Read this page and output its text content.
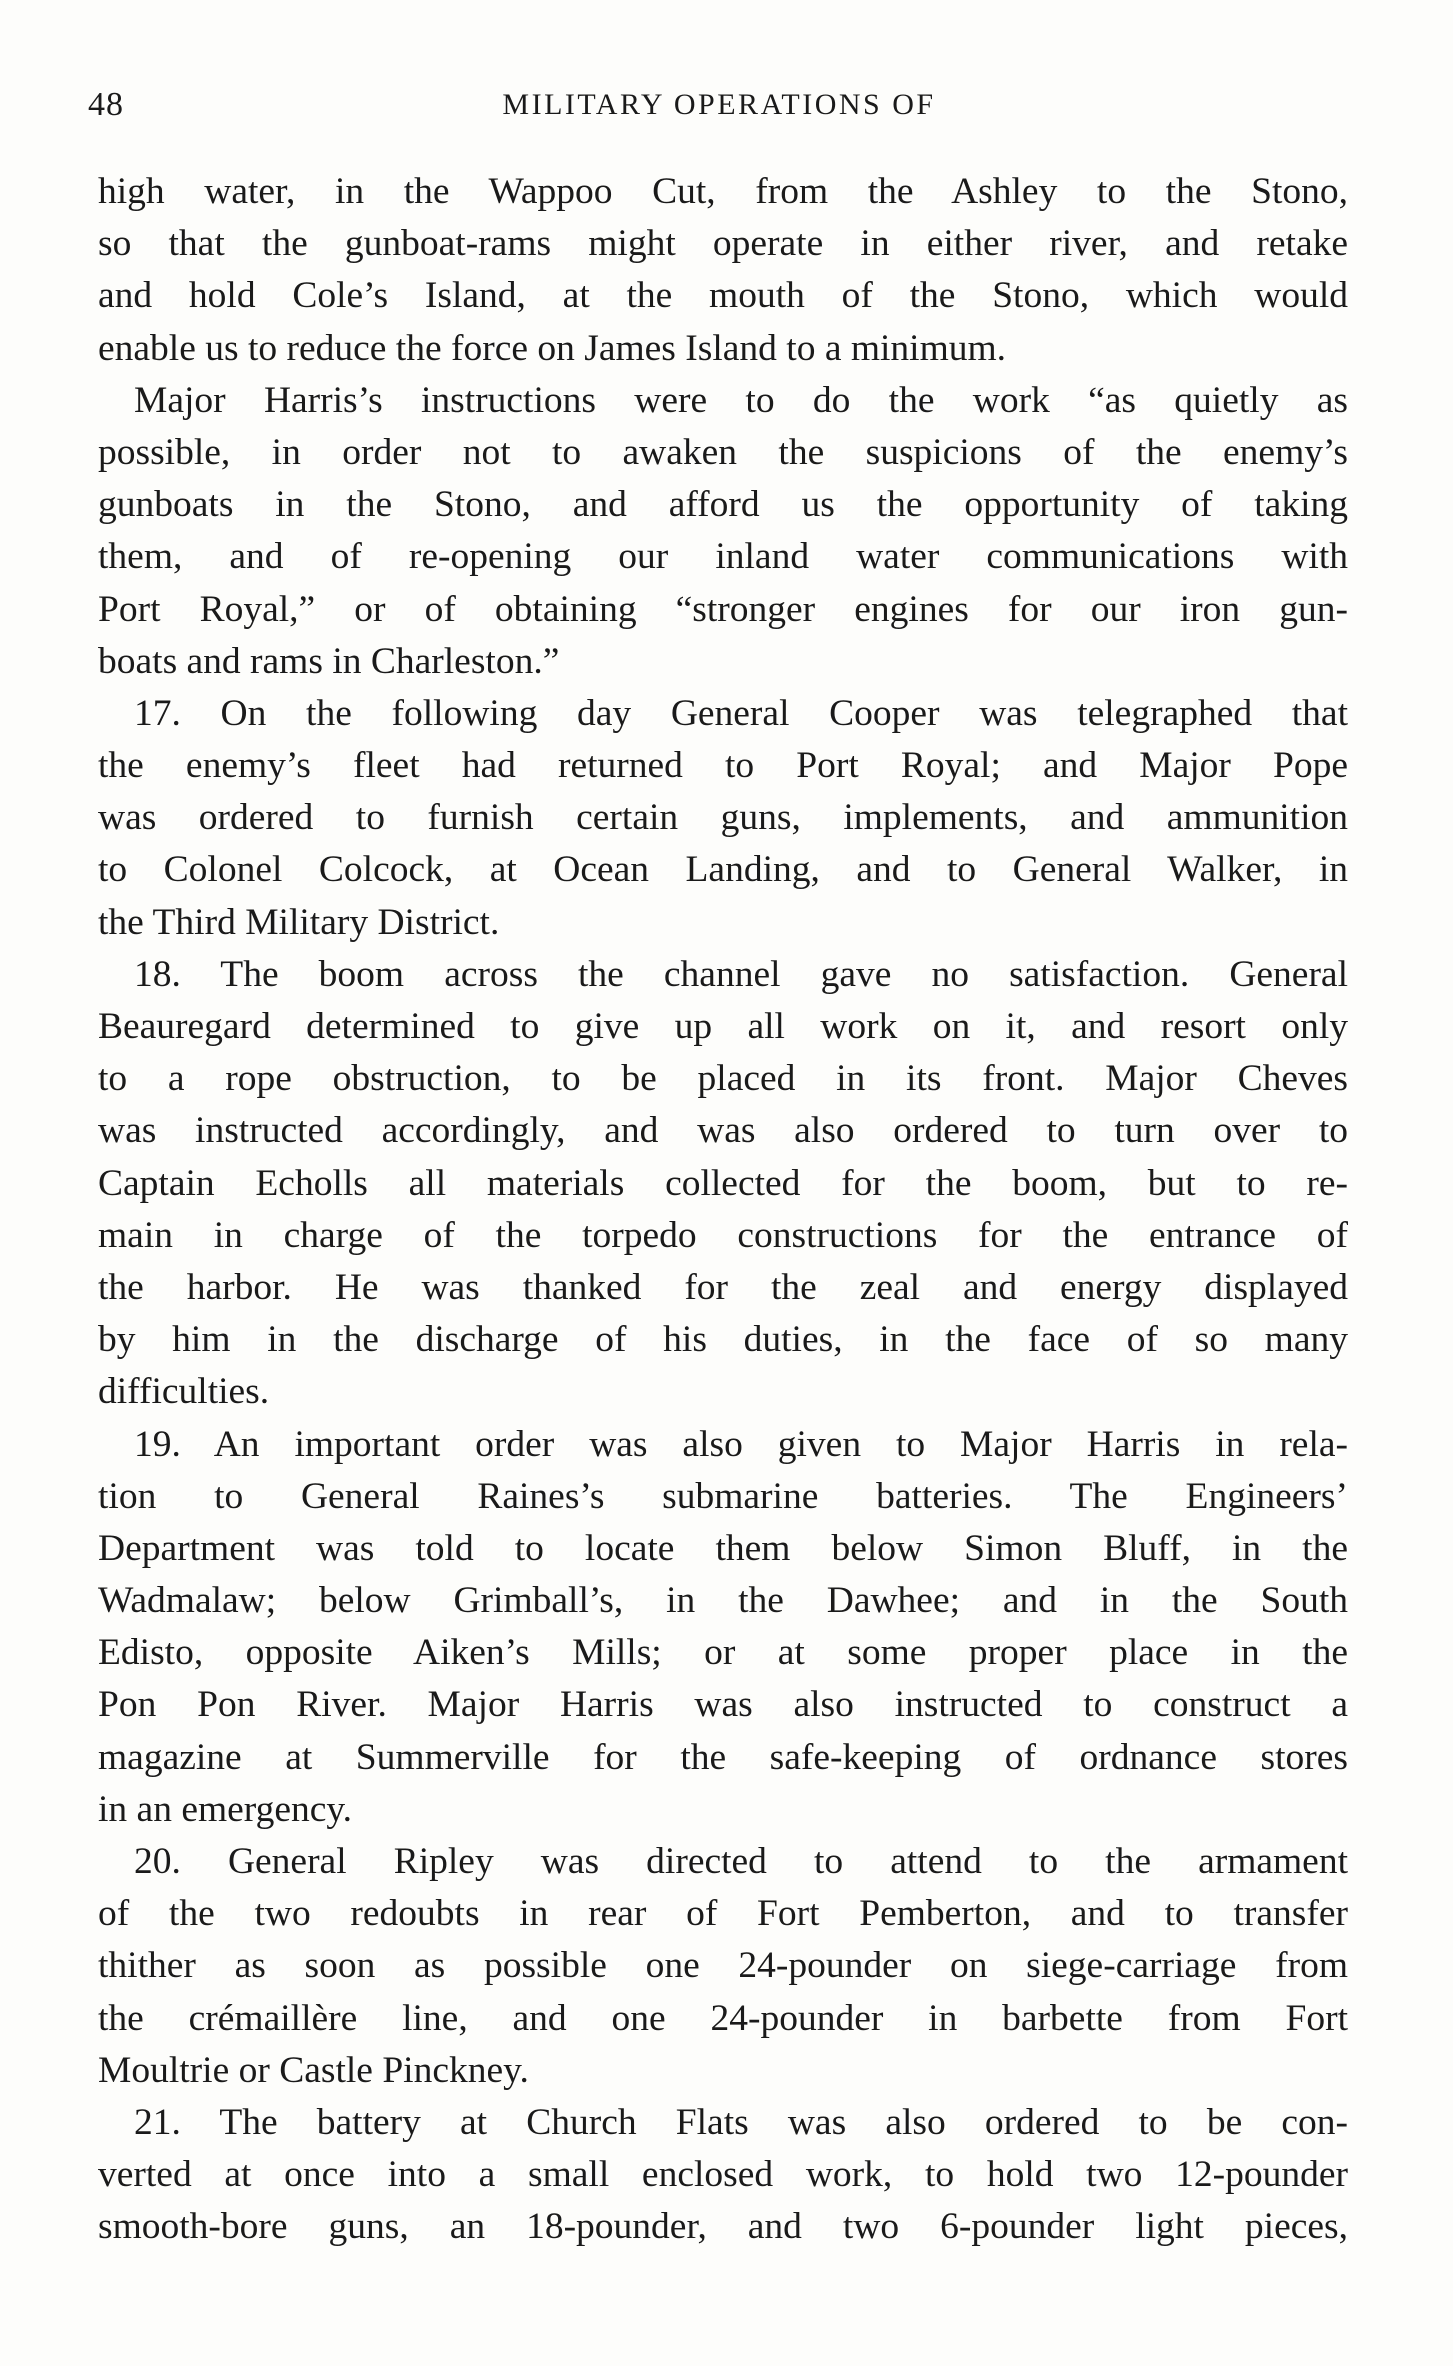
48	MILITARY OPERATIONS OF
high water, in the Wappoo Cut, from the Ashley to the Stono,
so that the gunboat-rams might operate in either river, and retake
and hold Cole’s Island, at the mouth of the Stono, which would
enable us to reduce the force on James Island to a minimum.
Major Harris’s instructions were to do the work “as quietly as
possible, in order not to awaken the suspicions of the enemy’s
gunboats in the Stono, and afford us the opportunity of taking
them, and of re-opening our inland water communications with
Port Royal,” or of obtaining “stronger engines for our iron gun-
boats and rams in Charleston.”
17. On the following day General Cooper was telegraphed that
the enemy’s fleet had returned to Port Royal; and Major Pope
was ordered to furnish certain guns, implements, and ammunition
to Colonel Colcock, at Ocean Landing, and to General Walker, in
the Third Military District.
18. The boom across the channel gave no satisfaction. General
Beauregard determined to give up all work on it, and resort only
to a rope obstruction, to be placed in its front. Major Cheves
was instructed accordingly, and was also ordered to turn over to
Captain Echolls all materials collected for the boom, but to re-
main in charge of the torpedo constructions for the entrance of
the harbor. He was thanked for the zeal and energy displayed
by him in the discharge of his duties, in the face of so many
difficulties.
19. An important order was also given to Major Harris in rela-
tion to General Raines’s submarine batteries. The Engineers’
Department was told to locate them below Simon Bluff, in the
Wadmalaw; below Grimball’s, in the Dawhee; and in the South
Edisto, opposite Aiken’s Mills; or at some proper place in the
Pon Pon River. Major Harris was also instructed to construct a
magazine at Summerville for the safe-keeping of ordnance stores
in an emergency.
20. General Ripley was directed to attend to the armament
of the two redoubts in rear of Fort Pemberton, and to transfer
thither as soon as possible one 24-pounder on siege-carriage from
the crémaillère line, and one 24-pounder in barbette from Fort
Moultrie or Castle Pinckney.
21. The battery at Church Flats was also ordered to be con-
verted at once into a small enclosed work, to hold two 12-pounder
smooth-bore guns, an 18-pounder, and two 6-pounder light pieces,
